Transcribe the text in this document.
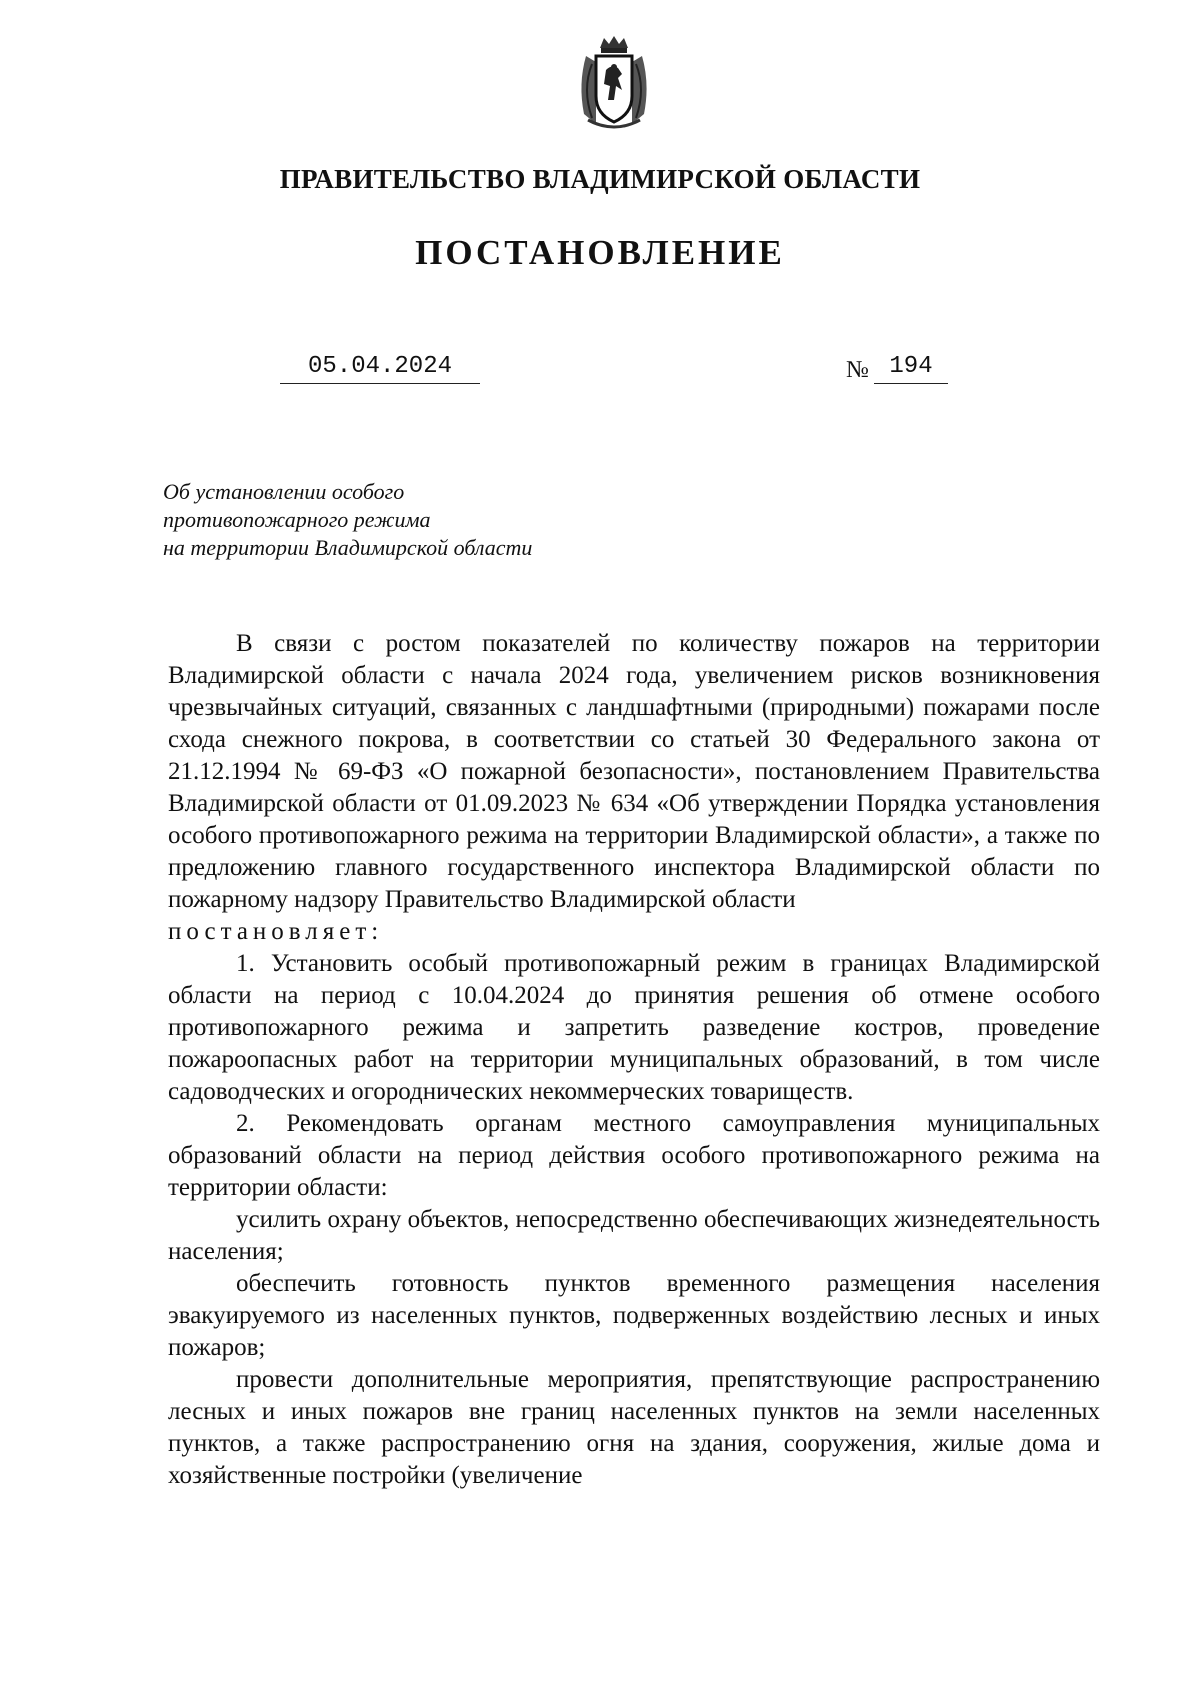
ПРАВИТЕЛЬСТВО ВЛАДИМИРСКОЙ ОБЛАСТИ
ПОСТАНОВЛЕНИЕ
05.04.2024	№ 194
Об установлении особого
противопожарного режима
на территории Владимирской области

В связи с ростом показателей по количеству пожаров на территории Владимирской области с начала 2024 года, увеличением рисков возникновения чрезвычайных ситуаций, связанных с ландшафтными (природными) пожарами после схода снежного покрова, в соответствии со статьей 30 Федерального закона от 21.12.1994 № 69-ФЗ «О пожарной безопасности», постановлением Правительства Владимирской области от 01.09.2023 № 634 «Об утверждении Порядка установления особого противопожарного режима на территории Владимирской области», а также по предложению главного государственного инспектора Владимирской области по пожарному надзору Правительство Владимирской области

постановляет:

1. Установить особый противопожарный режим в границах Владимирской области на период с 10.04.2024 до принятия решения об отмене особого противопожарного режима и запретить разведение костров, проведение пожароопасных работ на территории муниципальных образований, в том числе садоводческих и огороднических некоммерческих товариществ.

2. Рекомендовать органам местного самоуправления муниципальных образований области на период действия особого противопожарного режима на территории области:

усилить охрану объектов, непосредственно обеспечивающих жизнедеятельность населения;

обеспечить готовность пунктов временного размещения населения эвакуируемого из населенных пунктов, подверженных воздействию лесных и иных пожаров;

провести дополнительные мероприятия, препятствующие распространению лесных и иных пожаров вне границ населенных пунктов на земли населенных пунктов, а также распространению огня на здания, сооружения, жилые дома и хозяйственные постройки (увеличение
